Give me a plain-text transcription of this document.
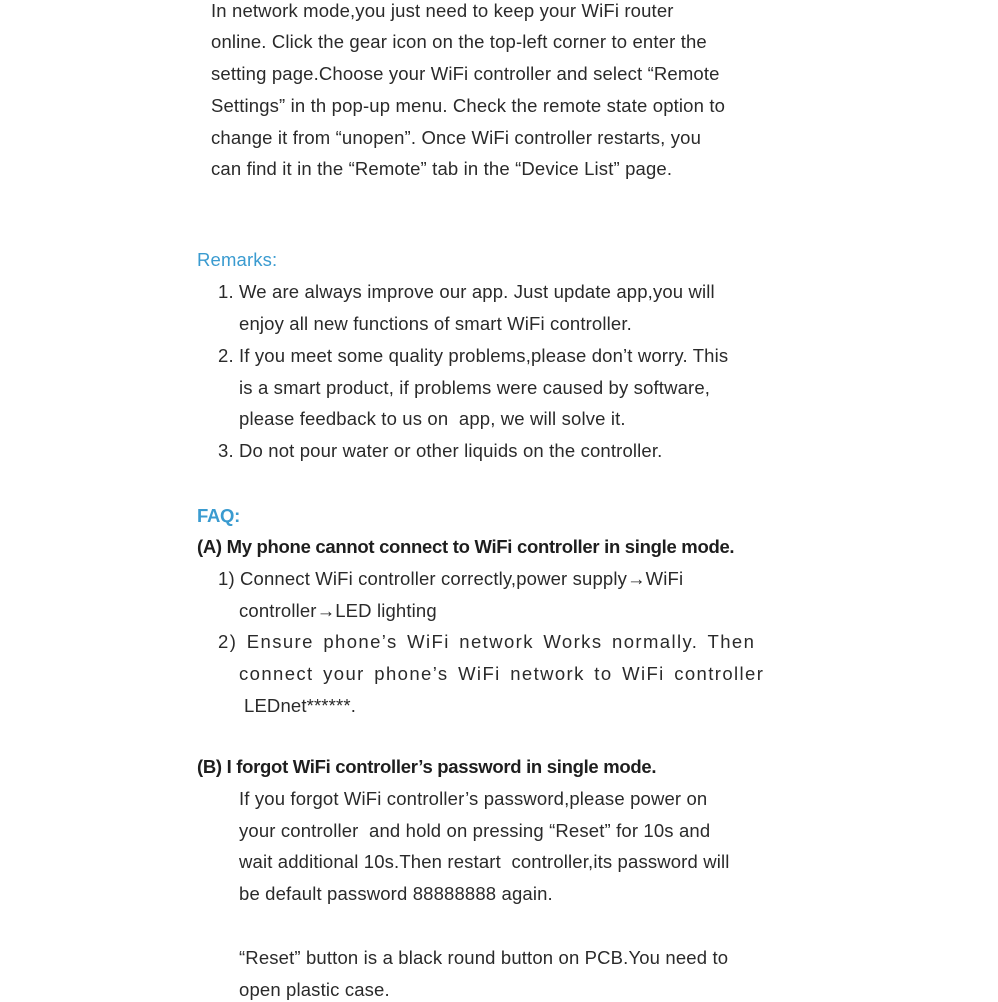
In network mode,you just need to keep your WiFi router
online. Click the gear icon on the top-left corner to enter the
setting page.Choose your WiFi controller and select “Remote
Settings” in th pop-up menu. Check the remote state option to
change it from “unopen”. Once WiFi controller restarts, you
can find it in the “Remote” tab in the “Device List” page.
Remarks:
1. We are always improve our app. Just update app,you will
enjoy all new functions of smart WiFi controller.
2. If you meet some quality problems,please don’t worry. This
is a smart product, if problems were caused by software,
please feedback to us on  app, we will solve it.
3. Do not pour water or other liquids on the controller.
FAQ:
(A) My phone cannot connect to WiFi controller in single mode.
1) Connect WiFi controller correctly,power supply→WiFi
controller→LED lighting
2) Ensure phone’s WiFi network Works normally. Then
connect your phone’s WiFi network to WiFi controller
LEDnet******.
(B) I forgot WiFi controller’s password in single mode.
If you forgot WiFi controller’s password,please power on
your controller  and hold on pressing “Reset” for 10s and
wait additional 10s.Then restart  controller,its password will
be default password 88888888 again.
“Reset” button is a black round button on PCB.You need to
open plastic case.
